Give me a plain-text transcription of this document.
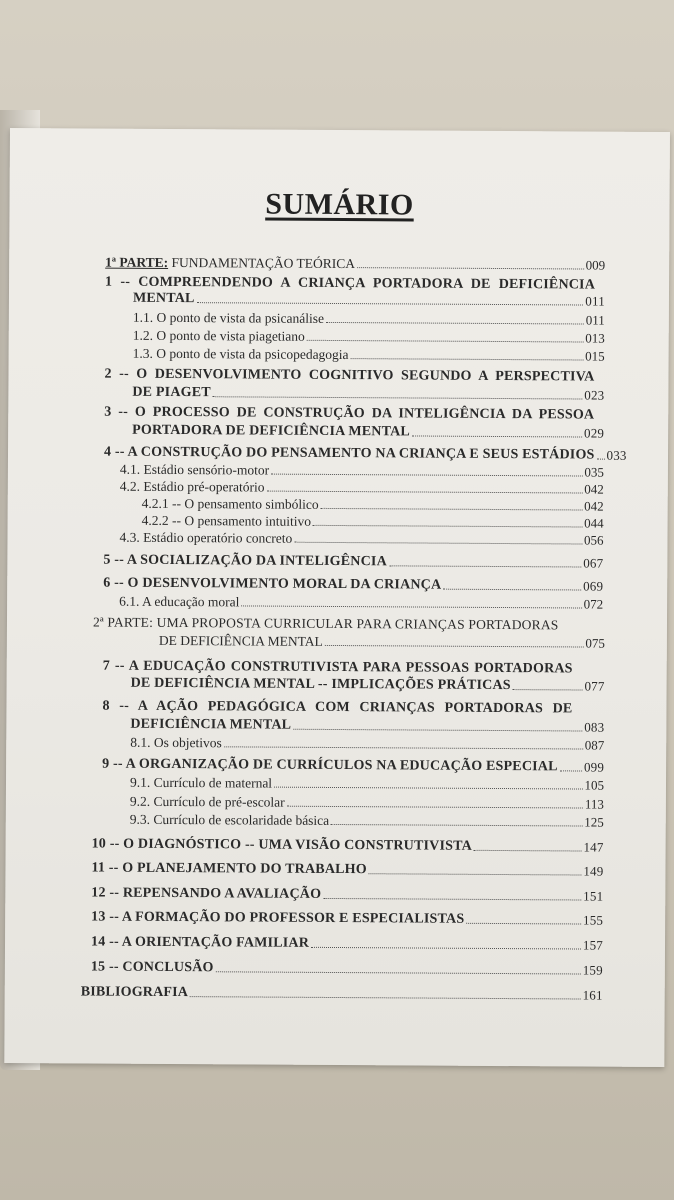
SUMÁRIO
1ª PARTE: FUNDAMENTAÇÃO TEÓRICA	009
1 -- COMPREENDENDO A CRIANÇA PORTADORA DE DEFICIÊNCIA
MENTAL	011
1.1. O ponto de vista da psicanálise	011
1.2. O ponto de vista piagetiano	013
1.3. O ponto de vista da psicopedagogia	015
2 -- O DESENVOLVIMENTO COGNITIVO SEGUNDO A PERSPECTIVA
DE PIAGET	023
3 -- O PROCESSO DE CONSTRUÇÃO DA INTELIGÊNCIA DA PESSOA
PORTADORA DE DEFICIÊNCIA MENTAL	029
4 -- A CONSTRUÇÃO DO PENSAMENTO NA CRIANÇA E SEUS ESTÁDIOS 033
4.1. Estádio sensório-motor	035
4.2. Estádio pré-operatório	042
4.2.1 -- O pensamento simbólico	042
4.2.2 -- O pensamento intuitivo	044
4.3. Estádio operatório concreto	056
5 -- A SOCIALIZAÇÃO DA INTELIGÊNCIA	067
6 -- O DESENVOLVIMENTO MORAL DA CRIANÇA	069
6.1. A educação moral	072
2ª PARTE: UMA PROPOSTA CURRICULAR PARA CRIANÇAS PORTADORAS
DE DEFICIÊNCIA MENTAL	075
7 -- A EDUCAÇÃO CONSTRUTIVISTA PARA PESSOAS PORTADORAS
DE DEFICIÊNCIA MENTAL -- IMPLICAÇÕES PRÁTICAS	077
8 -- A AÇÃO PEDAGÓGICA COM CRIANÇAS PORTADORAS DE
DEFICIÊNCIA MENTAL	083
8.1. Os objetivos	087
9 -- A ORGANIZAÇÃO DE CURRÍCULOS NA EDUCAÇÃO ESPECIAL 099
9.1. Currículo de maternal	105
9.2. Currículo de pré-escolar	113
9.3. Currículo de escolaridade básica	125
10 -- O DIAGNÓSTICO -- UMA VISÃO CONSTRUTIVISTA	147
11 -- O PLANEJAMENTO DO TRABALHO	149
12 -- REPENSANDO A AVALIAÇÃO	151
13 -- A FORMAÇÃO DO PROFESSOR E ESPECIALISTAS	155
14 -- A ORIENTAÇÃO FAMILIAR	157
15 -- CONCLUSÃO	159
BIBLIOGRAFIA	161
